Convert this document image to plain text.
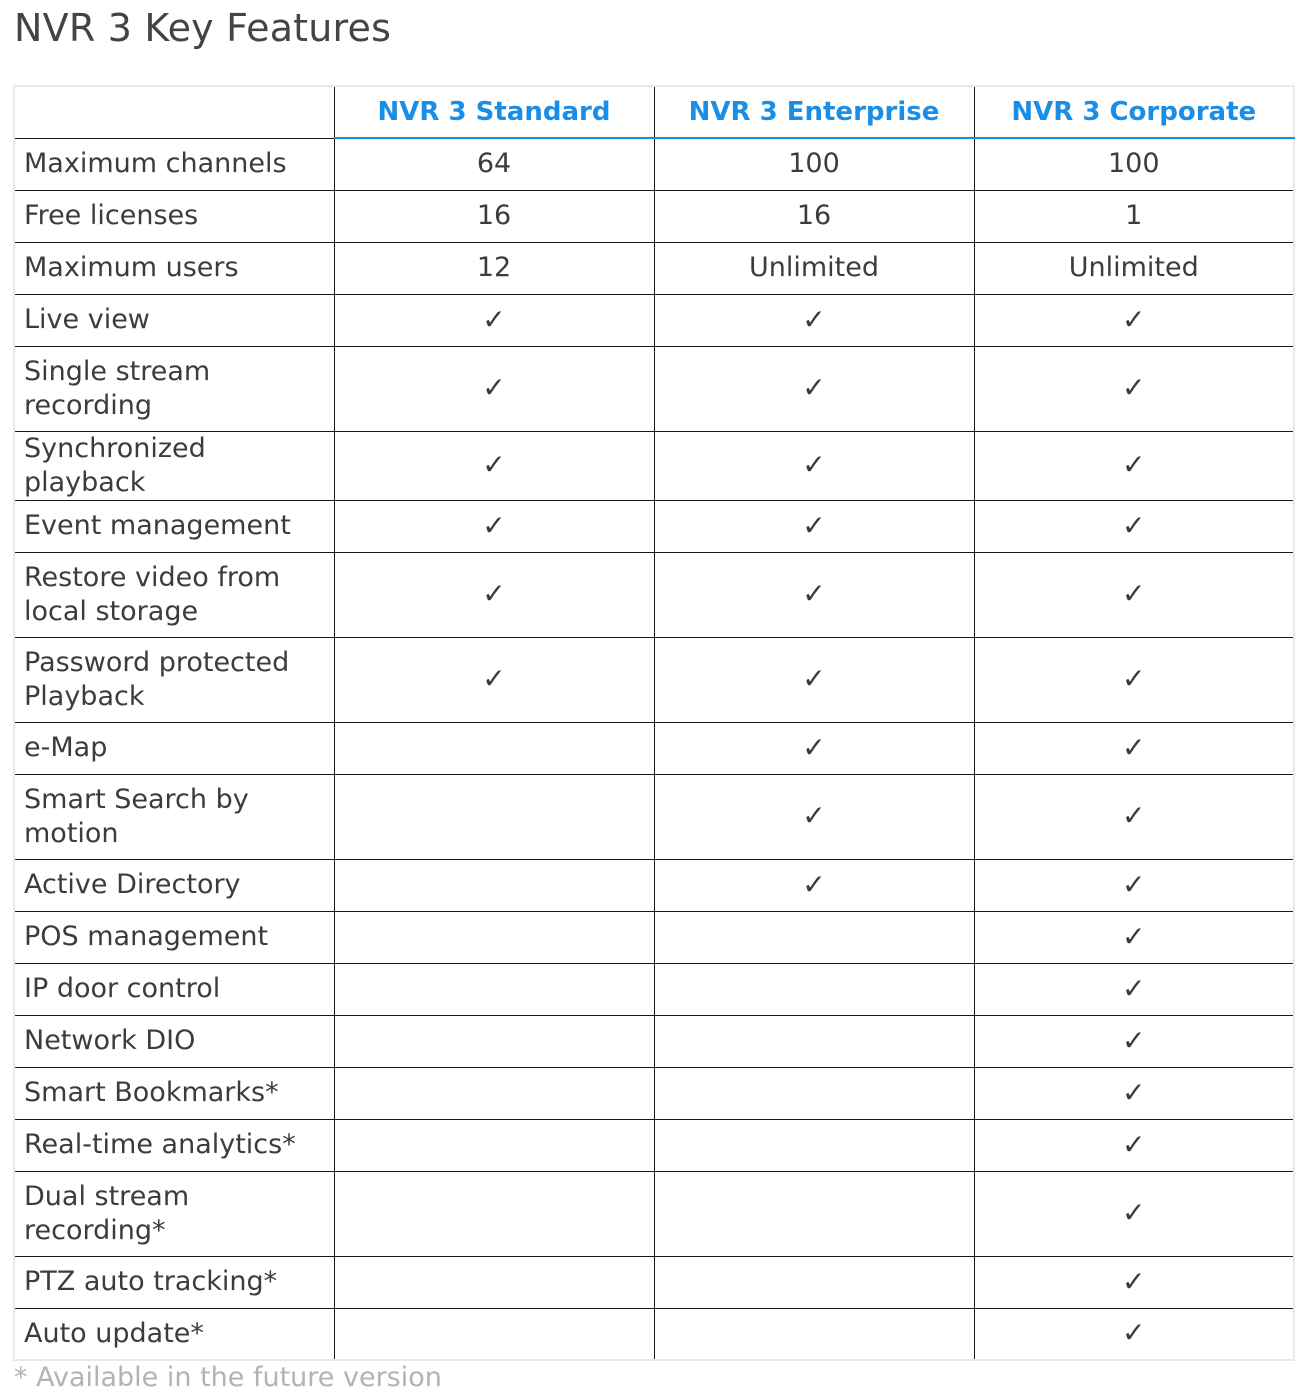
NVR 3 Key Features
	NVR 3 Standard	NVR 3 Enterprise	NVR 3 Corporate
Maximum channels	64	100	100
Free licenses	16	16	1
Maximum users	12	Unlimited	Unlimited
Live view	✓	✓	✓
Single stream recording	✓	✓	✓
Synchronized playback	✓	✓	✓
Event management	✓	✓	✓
Restore video from local storage	✓	✓	✓
Password protected Playback	✓	✓	✓
e-Map		✓	✓
Smart Search by motion		✓	✓
Active Directory		✓	✓
POS management			✓
IP door control			✓
Network DIO			✓
Smart Bookmarks*			✓
Real-time analytics*			✓
Dual stream recording*			✓
PTZ auto tracking*			✓
Auto update*			✓

* Available in the future version
